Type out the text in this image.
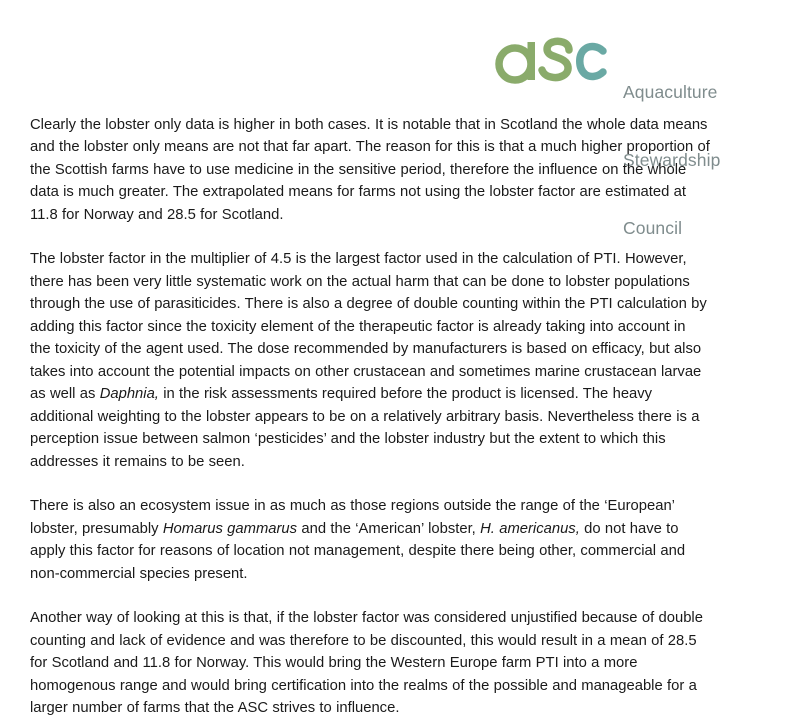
Aquaculture

Stewardship

Council

Clearly the lobster only data is higher in both cases. It is notable that in Scotland the whole data means and the lobster only means are not that far apart. The reason for this is that a much higher proportion of the Scottish farms have to use medicine in the sensitive period, therefore the influence on the whole data is much greater. The extrapolated means for farms not using the lobster factor are estimated at 11.8 for Norway and 28.5 for Scotland.

The lobster factor in the multiplier of 4.5 is the largest factor used in the calculation of PTI. However, there has been very little systematic work on the actual harm that can be done to lobster populations through the use of parasiticides. There is also a degree of double counting within the PTI calculation by adding this factor since the toxicity element of the therapeutic factor is already taking into account in the toxicity of the agent used. The dose recommended by manufacturers is based on efficacy, but also takes into account the potential impacts on other crustacean and sometimes marine crustacean larvae as well as Daphnia, in the risk assessments required before the product is licensed. The heavy additional weighting to the lobster appears to be on a relatively arbitrary basis. Nevertheless there is a perception issue between salmon ‘pesticides’ and the lobster industry but the extent to which this addresses it remains to be seen.

There is also an ecosystem issue in as much as those regions outside the range of the ‘European’ lobster, presumably Homarus gammarus and the ‘American’ lobster, H. americanus, do not have to apply this factor for reasons of location not management, despite there being other, commercial and non-commercial species present.

Another way of looking at this is that, if the lobster factor was considered unjustified because of double counting and lack of evidence and was therefore to be discounted, this would result in a mean of 28.5 for Scotland and 11.8 for Norway. This would bring the Western Europe farm PTI into a more homogenous range and would bring certification into the realms of the possible and manageable for a larger number of farms that the ASC strives to influence.
